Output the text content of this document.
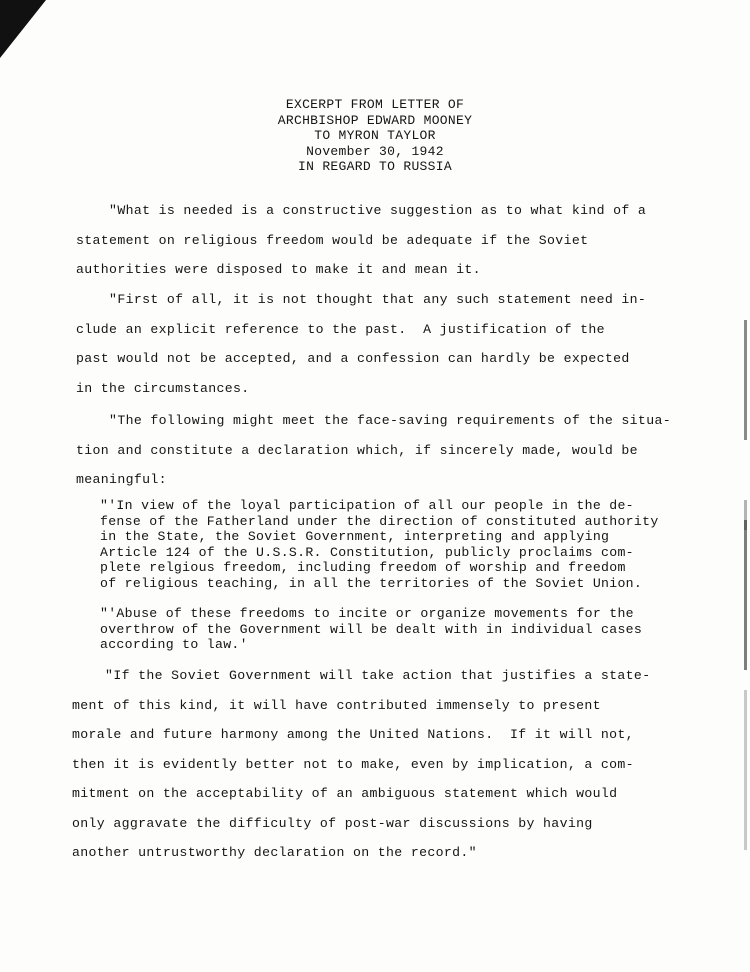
EXCERPT FROM LETTER OF
ARCHBISHOP EDWARD MOONEY
TO MYRON TAYLOR
November 30, 1942
IN REGARD TO RUSSIA
"What is needed is a constructive suggestion as to what kind of a
statement on religious freedom would be adequate if the Soviet
authorities were disposed to make it and mean it.
"First of all, it is not thought that any such statement need in-
clude an explicit reference to the past.  A justification of the
past would not be accepted, and a confession can hardly be expected
in the circumstances.
"The following might meet the face-saving requirements of the situa-
tion and constitute a declaration which, if sincerely made, would be
meaningful:
"'In view of the loyal participation of all our people in the de-
fense of the Fatherland under the direction of constituted authority
in the State, the Soviet Government, interpreting and applying
Article 124 of the U.S.S.R. Constitution, publicly proclaims com-
plete relgious freedom, including freedom of worship and freedom
of religious teaching, in all the territories of the Soviet Union.
"'Abuse of these freedoms to incite or organize movements for the
overthrow of the Government will be dealt with in individual cases
according to law.'
"If the Soviet Government will take action that justifies a state-
ment of this kind, it will have contributed immensely to present
morale and future harmony among the United Nations.  If it will not,
then it is evidently better not to make, even by implication, a com-
mitment on the acceptability of an ambiguous statement which would
only aggravate the difficulty of post-war discussions by having
another untrustworthy declaration on the record."
